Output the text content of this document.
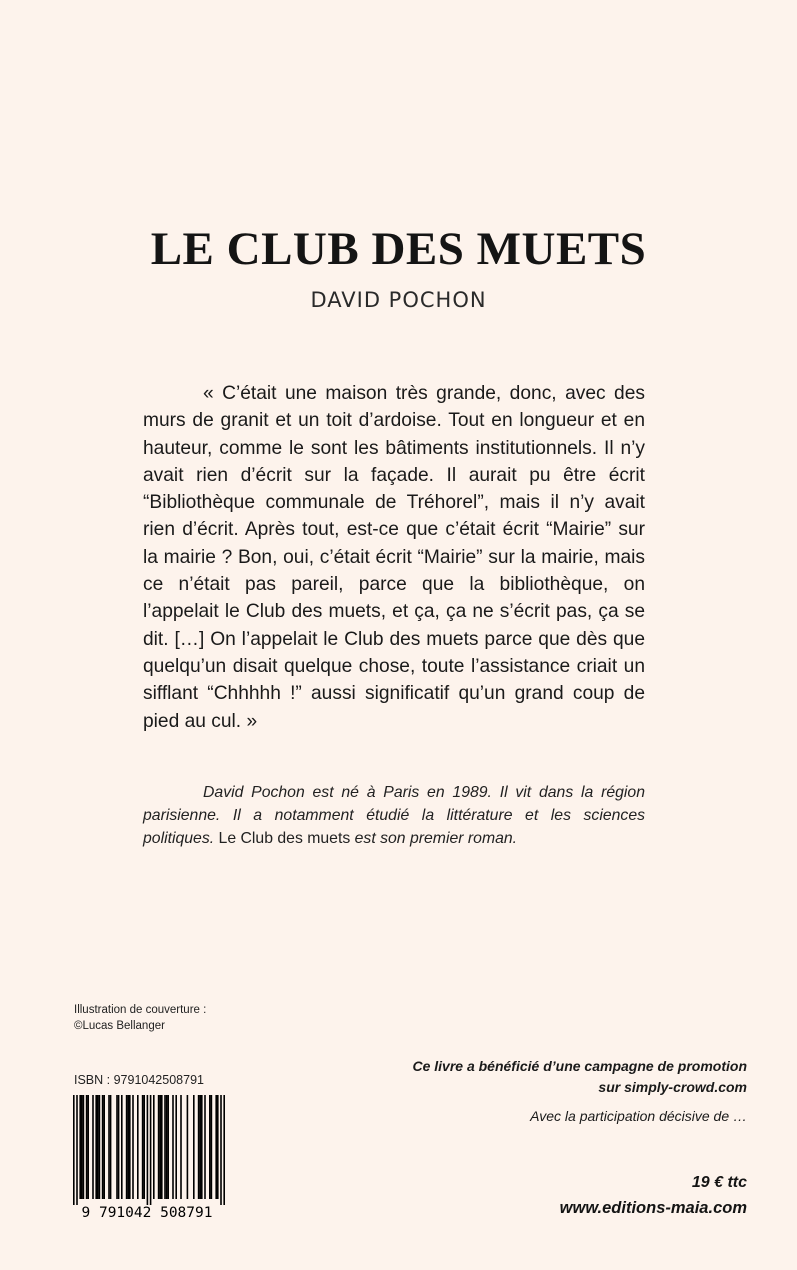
LE CLUB DES MUETS
DAVID POCHON

« C’était une maison très grande, donc, avec des murs de granit et un toit d’ardoise. Tout en longueur et en hauteur, comme le sont les bâtiments institutionnels. Il n’y avait rien d’écrit sur la façade. Il aurait pu être écrit “Bibliothèque communale de Tréhorel”, mais il n’y avait rien d’écrit. Après tout, est-ce que c’était écrit “Mairie” sur la mairie ? Bon, oui, c’était écrit “Mairie” sur la mairie, mais ce n’était pas pareil, parce que la bibliothèque, on l’appelait le Club des muets, et ça, ça ne s’écrit pas, ça se dit. […] On l’appelait le Club des muets parce que dès que quelqu’un disait quelque chose, toute l’assistance criait un sifflant “Chhhhh !” aussi significatif qu’un grand coup de pied au cul. »

David Pochon est né à Paris en 1989. Il vit dans la région parisienne. Il a notamment étudié la littérature et les sciences politiques. Le Club des muets est son premier roman.

Illustration de couverture :
©Lucas Bellanger
ISBN : 9791042508791
9 791042 508791
Ce livre a bénéficié d’une campagne de promotion
sur simply-crowd.com
Avec la participation décisive de …
19 € ttc
www.editions-maia.com
